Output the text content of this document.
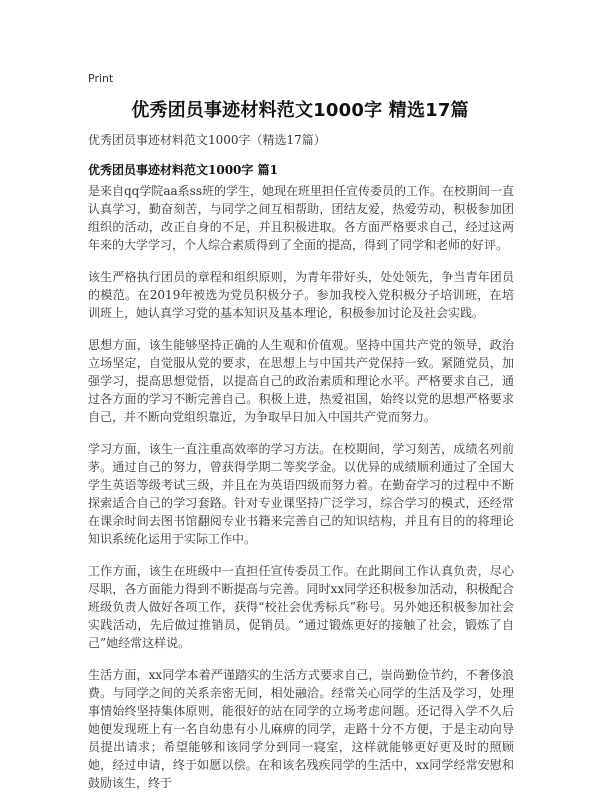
Print
优秀团员事迹材料范文1000字 精选17篇
优秀团员事迹材料范文1000字（精选17篇）
优秀团员事迹材料范文1000字 篇1

是来自qq学院aa系ss班的学生，她现在班里担任宣传委员的工作。在校期间一直认真学习，勤奋刻苦，与同学之间互相帮助，团结友爱，热爱劳动，积极参加团组织的活动，改正自身的不足，并且积极进取。各方面严格要求自己，经过这两年来的大学学习，个人综合素质得到了全面的提高，得到了同学和老师的好评。

该生严格执行团员的章程和组织原则，为青年带好头，处处领先，争当青年团员的模范。在2019年被选为党员积极分子。参加我校入党积极分子培训班，在培训班上，她认真学习党的基本知识及基本理论，积极参加讨论及社会实践。

思想方面，该生能够坚持正确的人生观和价值观。坚持中国共产党的领导，政治立场坚定，自觉服从党的要求，在思想上与中国共产党保持一致。紧随党员，加强学习，提高思想觉悟，以提高自己的政治素质和理论水平。严格要求自己，通过各方面的学习不断完善自己。积极上进，热爱祖国，始终以党的思想严格要求自己，并不断向党组织靠近，为争取早日加入中国共产党而努力。

学习方面，该生一直注重高效率的学习方法。在校期间，学习刻苦，成绩名列前茅。通过自己的努力，曾获得学期二等奖学金。以优异的成绩顺利通过了全国大学生英语等级考试三级，并且在为英语四级而努力着。在勤奋学习的过程中不断探索适合自己的学习套路。针对专业课坚持广泛学习，综合学习的模式，还经常在课余时间去图书馆翻阅专业书籍来完善自己的知识结构，并且有目的的将理论知识系统化运用于实际工作中。

工作方面，该生在班级中一直担任宣传委员工作。在此期间工作认真负责，尽心尽职，各方面能力得到不断提高与完善。同时xx同学还积极参加活动，积极配合班级负责人做好各项工作，获得“校社会优秀标兵”称号。另外她还积极参加社会实践活动，先后做过推销员，促销员。“通过锻炼更好的接触了社会，锻炼了自己”她经常这样说。

生活方面，xx同学本着严谨踏实的生活方式要求自己，崇尚勤俭节约，不奢侈浪费。与同学之间的关系亲密无间，相处融洽。经常关心同学的生活及学习，处理事情始终坚持集体原则，能很好的站在同学的立场考虑问题。还记得入学不久后她便发现班上有一名自幼患有小儿麻痹的同学，走路十分不方便，于是主动向导员提出请求；希望能够和该同学分到同一寝室，这样就能够更好更及时的照顾她，经过申请，终于如愿以偿。在和该名残疾同学的生活中，xx同学经常安慰和鼓励该生，终于
